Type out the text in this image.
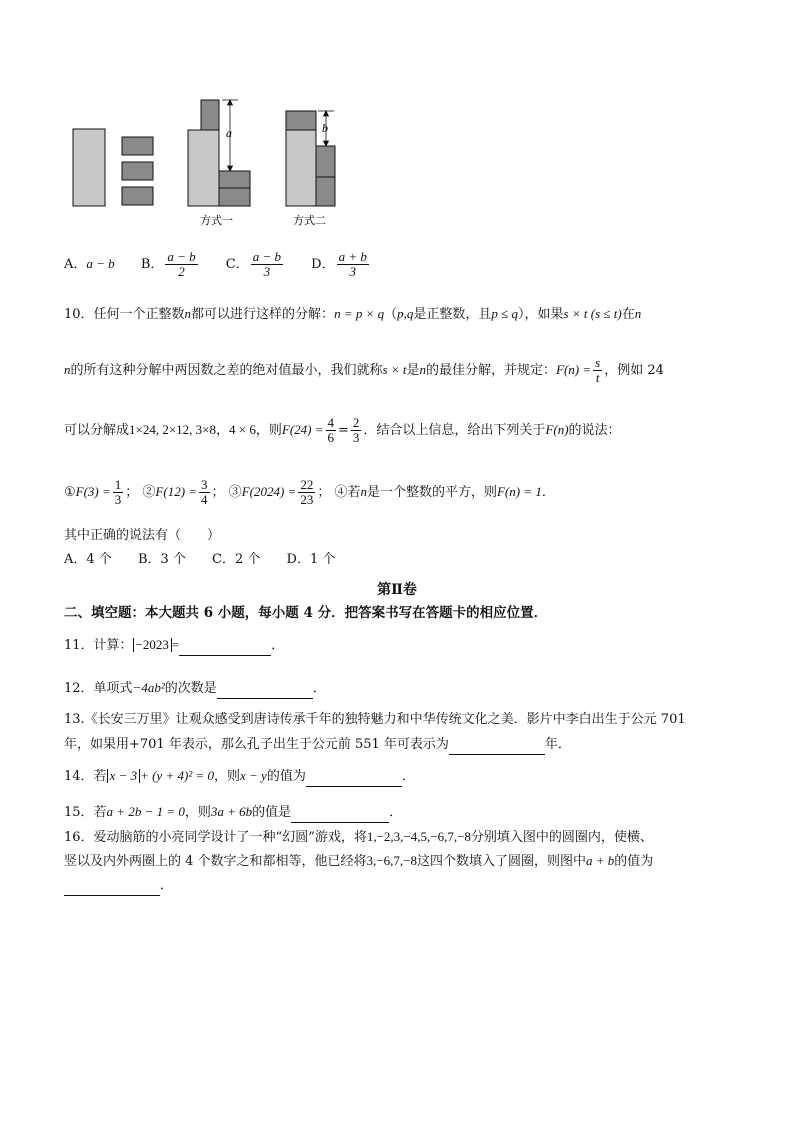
a
方式一
b
方式二
A．a − b B． $\frac{a - b}{2}$ C． $\frac{a - b}{3}$ D． $\frac{a + b}{3}$
10．任何一个正整数n都可以进行这样的分解：n = p × q（p,q是正整数，且p ≤ q），如果s × t (s ≤ t)在n
n的所有这种分解中两因数之差的绝对值最小，我们就称s × t是n的最佳分解，并规定：$F(n) = \frac{s}{t}$ ，例如 24
可以分解成1×24, 2×12, 3×8，4 × 6，则$F(24) = \frac{4}{6} = \frac{2}{3}$ ．结合以上信息，给出下列关于F(n)的说法：
①F(3) = $\frac{1}{3}$ ； ②F(12) = $\frac{3}{4}$ ； ③F(2024) = $\frac{22}{23}$ ； ④若n是一个整数的平方，则F(n) = 1．
其中正确的说法有（　　）
A．4 个 B．3 个 C．2 个 D．1 个
第Ⅱ卷
二、填空题：本大题共 6 小题，每小题 4 分．把答案书写在答题卡的相应位置．
11．计算： −2023 =	．
12．单项式−4ab²的次数是	．
13.《长安三万里》让观众感受到唐诗传承千年的独特魅力和中华传统文化之美．影片中李白出生于公元 701
年，如果用+701 年表示，那么孔子出生于公元前 551 年可表示为	年．
14．若 x − 3 + (y + 4)² = 0，则x − y的值为	．
15．若a + 2b − 1 = 0，则3a + 6b的值是	．
16．爱动脑筋的小亮同学设计了一种“幻圆”游戏，将1,−2,3,−4,5,−6,7,−8分别填入图中的圆圈内，使横、
竖以及内外两圈上的 4 个数字之和都相等，他已经将3,−6,7,−8这四个数填入了圆圈，则图中a + b的值为
．
